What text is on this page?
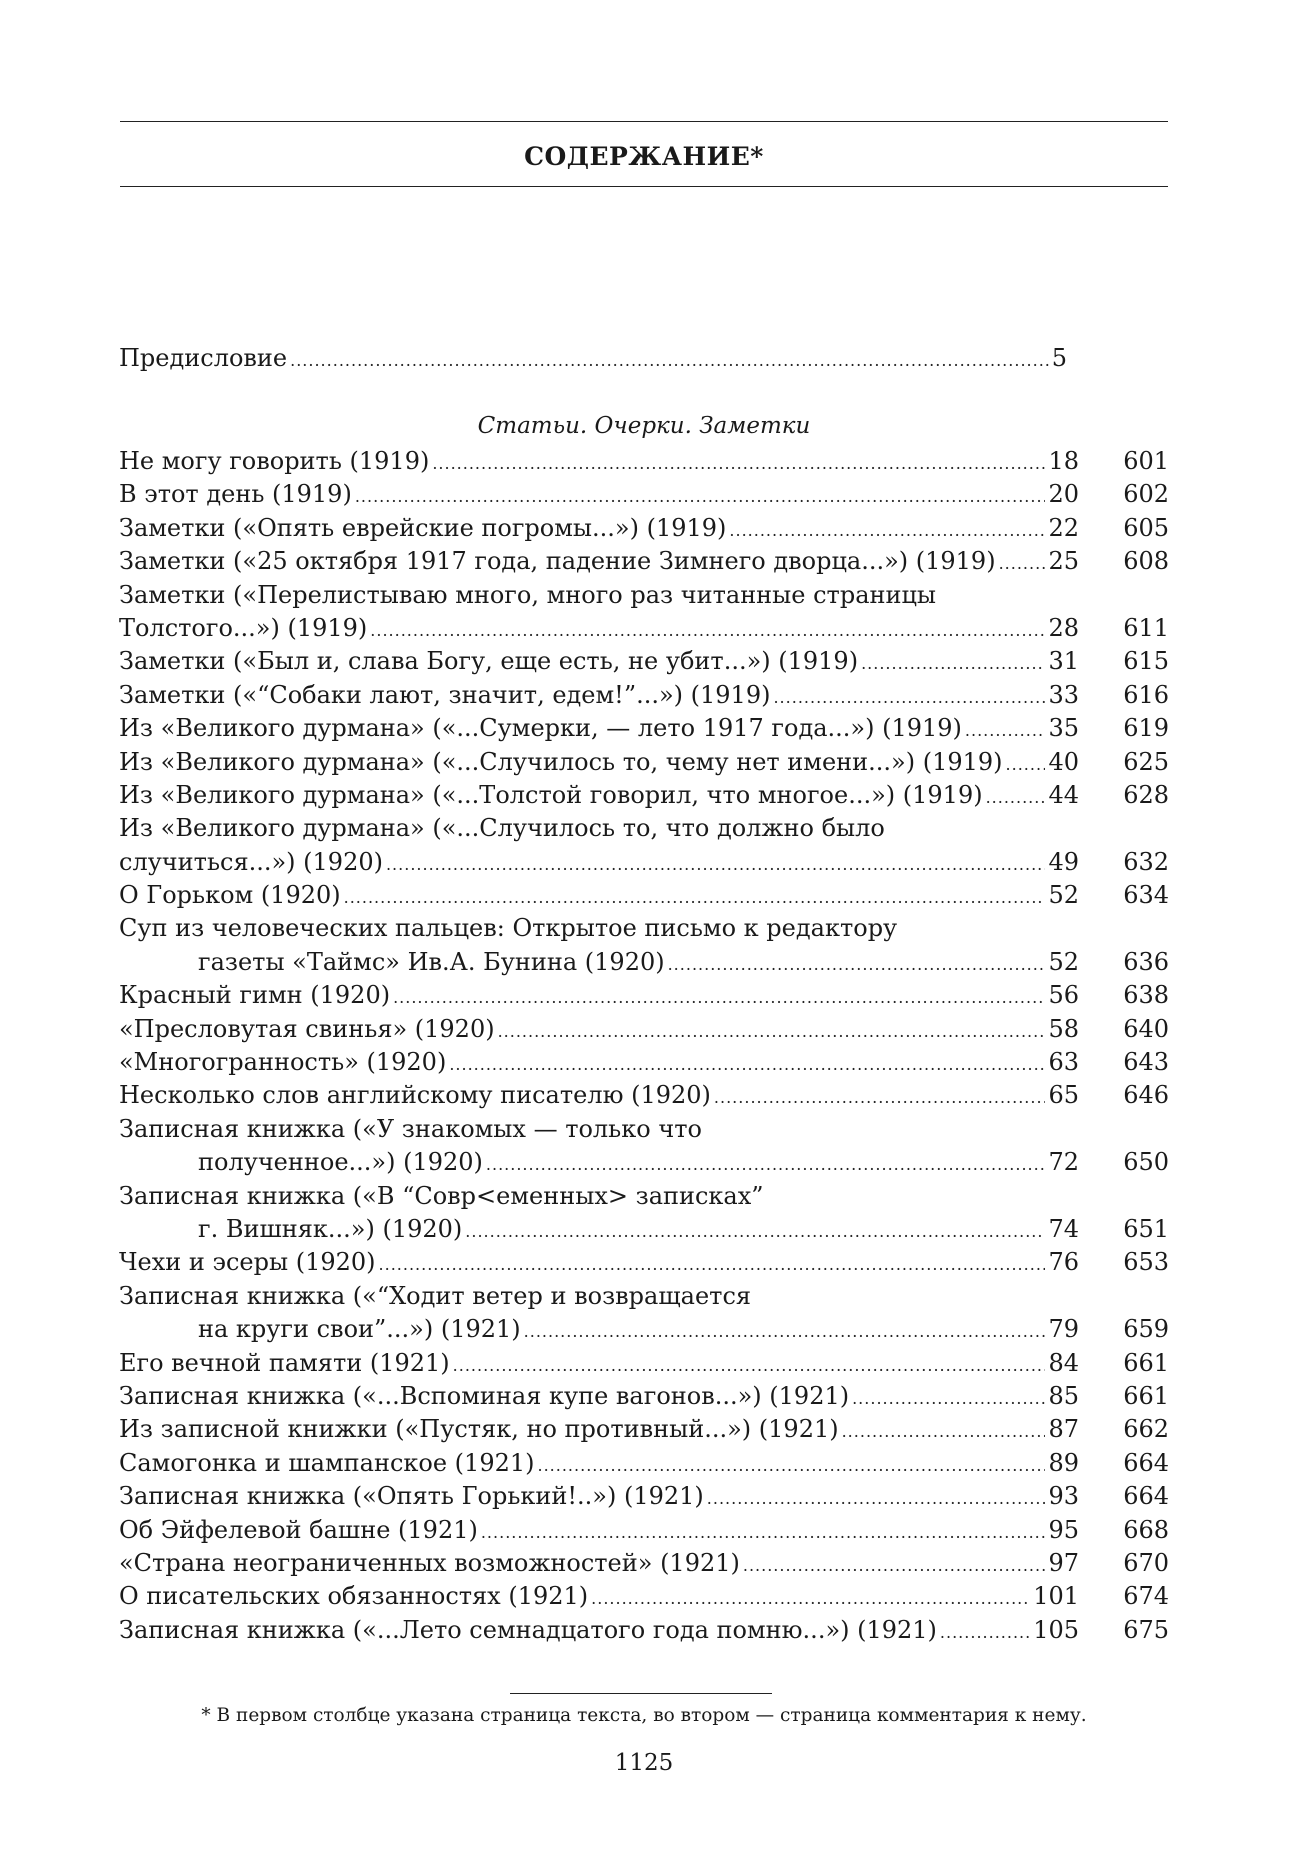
СОДЕРЖАНИЕ*
Предисловие .....	5
Статьи. Очерки. Заметки
Не могу говорить (1919) .....	18	601
В этот день (1919) .....	20	602
Заметки («Опять еврейские погромы...») (1919) .....	22	605
Заметки («25 октября 1917 года, падение Зимнего дворца...») (1919) ..... 25	608
Заметки («Перелистываю много, много раз читанные страницы
Толстого...») (1919) .....	28	611
Заметки («Был и, слава Богу, еще есть, не убит...») (1919) .....	31	615
Заметки («“Собаки лают, значит, едем!”...») (1919) .....	33	616
Из «Великого дурмана» («...Сумерки, — лето 1917 года...») (1919) .....	35	619
Из «Великого дурмана» («...Случилось то, чему нет имени...») (1919) ..... 40	625
Из «Великого дурмана» («...Толстой говорил, что многое...») (1919) .....	44	628
Из «Великого дурмана» («...Случилось то, что должно было
случиться...») (1920) .....	49	632
О Горьком (1920) .....	52	634
Суп из человеческих пальцев: Открытое письмо к редактору
газеты «Таймс» Ив.А. Бунина (1920) .....	52	636
Красный гимн (1920) .....	56	638
«Пресловутая свинья» (1920) .....	58	640
«Многогранность» (1920) .....	63	643
Несколько слов английскому писателю (1920) .....	65	646
Записная книжка («У знакомых — только что
полученное...») (1920) .....	72	650
Записная книжка («В “Совр<еменных> записках”
г. Вишняк...») (1920) .....	74	651
Чехи и эсеры (1920) .....	76	653
Записная книжка («“Ходит ветер и возвращается
на круги свои”...») (1921) .....	79	659
Его вечной памяти (1921) .....	84	661
Записная книжка («...Вспоминая купе вагонов...») (1921) .....	85	661
Из записной книжки («Пустяк, но противный...») (1921) .....	87	662
Самогонка и шампанское (1921) .....	89	664
Записная книжка («Опять Горький!..») (1921) .....	93	664
Об Эйфелевой башне (1921) .....	95	668
«Страна неограниченных возможностей» (1921) .....	97	670
О писательских обязанностях (1921) .....	101	674
Записная книжка («...Лето семнадцатого года помню...») (1921) .....	105	675
* В первом столбце указана страница текста, во втором — страница комментария к нему.
1125
